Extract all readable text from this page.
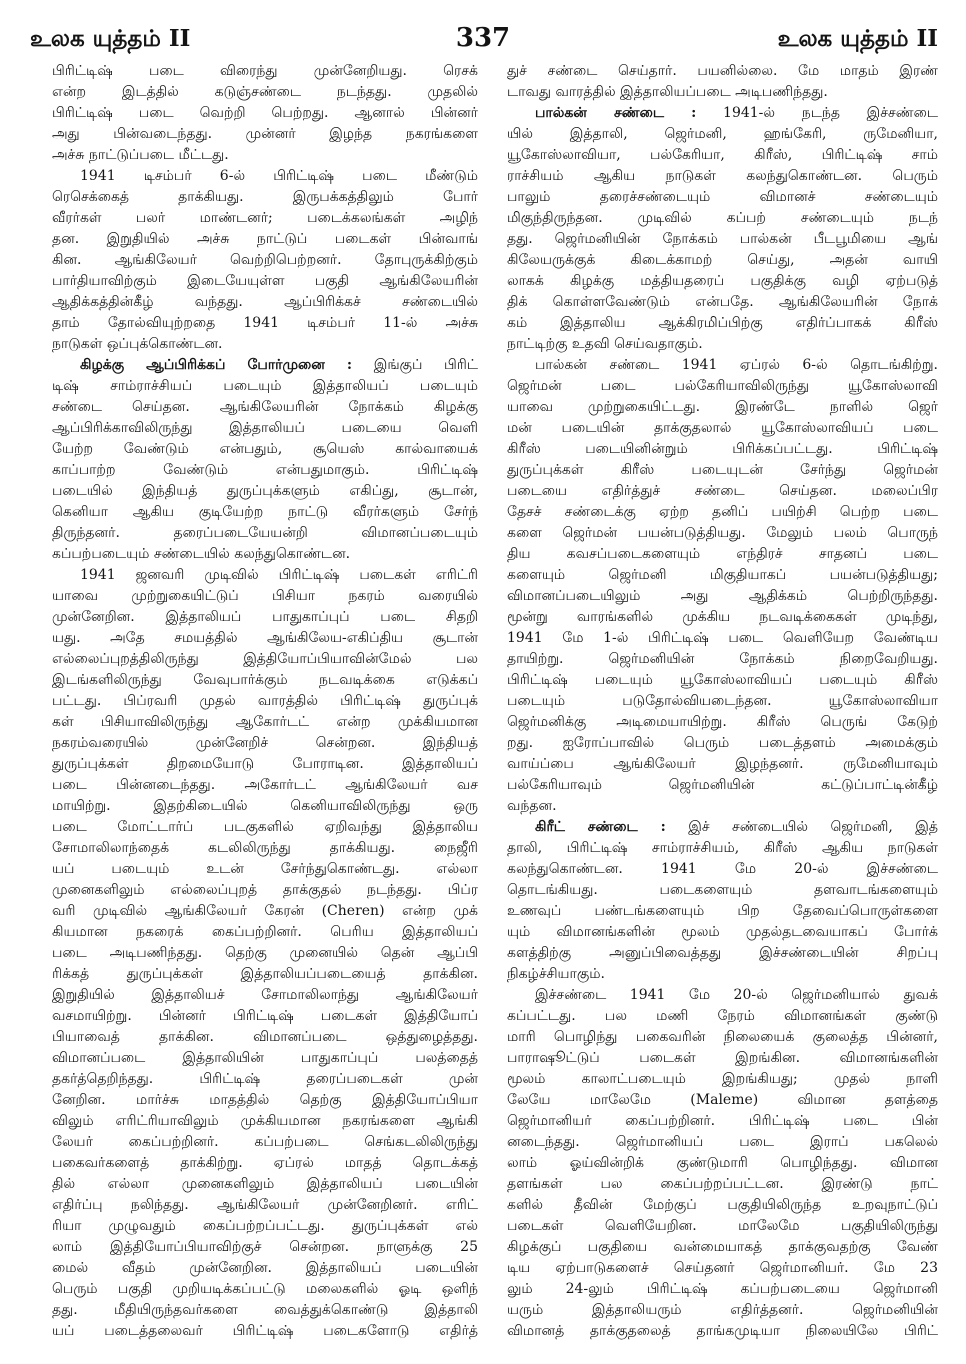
உலக யுத்தம் II	337	உலக யுத்தம் II
பிரிட்டிஷ் படை விரைந்து முன்னேறியது. ரெசக்
என்ற இடத்தில் கடுஞ்சண்டை நடந்தது. முதலில்
பிரிட்டிஷ் படை வெற்றி பெற்றது. ஆனால் பின்னர்
அது பின்வடைந்தது. முன்னர் இழந்த நகரங்களை
அச்சு நாட்டுப்படை மீட்டது.
1941 டிசம்பர் 6-ல் பிரிட்டிஷ் படை மீண்டும்
ரெசெக்கைத் தாக்கியது. இருபக்கத்திலும் போர்
வீரர்கள் பலர் மாண்டனர்; படைக்கலங்கள் அழிந்
தன. இறுதியில் அச்சு நாட்டுப் படைகள் பின்வாங்
கின. ஆங்கிலேயர் வெற்றிபெற்றனர். தோபுருக்கிற்கும்
பார்தியாவிற்கும் இடையேயுள்ள பகுதி ஆங்கிலேயரின்
ஆதிக்கத்தின்கீழ் வந்தது. ஆப்பிரிக்கச் சண்டையில்
தாம் தோல்வியுற்றதை 1941 டிசம்பர் 11-ல் அச்சு
நாடுகள் ஒப்புக்கொண்டன.
கிழக்கு ஆப்பிரிக்கப் போர்முனை : இங்குப் பிரிட்
டிஷ் சாம்ராச்சியப் படையும் இத்தாலியப் படையும்
சண்டை செய்தன. ஆங்கிலேயரின் நோக்கம் கிழக்கு
ஆப்பிரிக்காவிலிருந்து இத்தாலியப் படையை வெளி
யேற்ற வேண்டும் என்பதும், சூயெஸ் கால்வாயைக்
காப்பாற்ற வேண்டும் என்பதுமாகும். பிரிட்டிஷ்
படையில் இந்தியத் துருப்புக்களும் எகிப்து, சூடான்,
கெனியா ஆகிய குடியேற்ற நாட்டு வீரர்களும் சேர்ந்
திருந்தனர். தரைப்படையேயன்றி விமானப்படையும்
கப்பற்படையும் சண்டையில் கலந்துகொண்டன.
1941 ஜனவரி முடிவில் பிரிட்டிஷ் படைகள் எரிட்ரி
யாவை முற்றுகையிட்டுப் பிசியா நகரம் வரையில்
முன்னேறின. இத்தாலியப் பாதுகாப்புப் படை சிதறி
யது. அதே சமயத்தில் ஆங்கிலேய-எகிப்திய சூடான்
எல்லைப்புறத்திலிருந்து இத்தியோப்பியாவின்மேல் பல
இடங்களிலிருந்து வேவுபார்க்கும் நடவடிக்கை எடுக்கப்
பட்டது. பிப்ரவரி முதல் வாரத்தில் பிரிட்டிஷ் துருப்புக்
கள் பிசியாவிலிருந்து ஆகோர்டட் என்ற முக்கியமான
நகரம்வரையில் முன்னேறிச் சென்றன. இந்தியத்
துருப்புக்கள் திறமையோடு போராடின. இத்தாலியப்
படை பின்னடைந்தது. அகோர்டட் ஆங்கிலேயர் வச
மாயிற்று. இதற்கிடையில் கெனியாவிலிருந்து ஒரு
படை மோட்டார்ப் படகுகளில் ஏறிவந்து இத்தாலிய
சோமாலிலாந்தைக் கடலிலிருந்து தாக்கியது. நைஜீரி
யப் படையும் உடன் சேர்ந்துகொண்டது. எல்லா
முனைகளிலும் எல்லைப்புறத் தாக்குதல் நடந்தது. பிப்ர
வரி முடிவில் ஆங்கிலேயர் கேரன் (Cheren) என்ற முக்
கியமான நகரைக் கைப்பற்றினர். பெரிய இத்தாலியப்
படை அடிபணிந்தது. தெற்கு முனையில் தென் ஆப்பி
ரிக்கத் துருப்புக்கள் இத்தாலியப்படையைத் தாக்கின.
இறுதியில் இத்தாலியச் சோமாலிலாந்து ஆங்கிலேயர்
வசமாயிற்று. பின்னர் பிரிட்டிஷ் படைகள் இத்தியோப்
பியாவைத் தாக்கின. விமானப்படை ஒத்துழைத்தது.
விமானப்படை இத்தாலியின் பாதுகாப்புப் பலத்தைத்
தகர்த்தெறிந்தது. பிரிட்டிஷ் தரைப்படைகள் முன்
னேறின. மார்ச்சு மாதத்தில் தெற்கு இத்தியோப்பியா
விலும் எரிட்ரியாவிலும் முக்கியமான நகரங்களை ஆங்கி
லேயர் கைப்பற்றினர். கப்பற்படை செங்கடலிலிருந்து
பகைவர்களைத் தாக்கிற்று. ஏப்ரல் மாதத் தொடக்கத்
தில் எல்லா முனைகளிலும் இத்தாலியப் படையின்
எதிர்ப்பு நலிந்தது. ஆங்கிலேயர் முன்னேறினர். எரிட்
ரியா முழுவதும் கைப்பற்றப்பட்டது. துருப்புக்கள் எல்
லாம் இத்தியோப்பியாவிற்குச் சென்றன. நாளுக்கு 25
மைல் வீதம் முன்னேறின. இத்தாலியப் படையின்
பெரும் பகுதி முறியடிக்கப்பட்டு மலைகளில் ஓடி ஒளிந்
தது. மீதியிருந்தவர்களை வைத்துக்கொண்டு இத்தாலி
யப் படைத்தலைவர் பிரிட்டிஷ் படைகளோடு எதிர்த்
துச் சண்டை செய்தார். பயனில்லை. மே மாதம் இரண்
டாவது வாரத்தில் இத்தாலியப்படை அடிபணிந்தது.
பால்கன் சண்டை : 1941-ல் நடந்த இச்சண்டை
யில் இத்தாலி, ஜெர்மனி, ஹங்கேரி, ருமேனியா,
யூகோஸ்லாவியா, பல்கேரியா, கிரீஸ், பிரிட்டிஷ் சாம்
ராச்சியம் ஆகிய நாடுகள் கலந்துகொண்டன. பெரும்
பாலும் தரைச்சண்டையும் விமானச் சண்டையும்
மிகுந்திருந்தன. முடிவில் கப்பற் சண்டையும் நடந்
தது. ஜெர்மனியின் நோக்கம் பால்கன் பீடபூமியை ஆங்
கிலேயருக்குக் கிடைக்காமற் செய்து, அதன் வாயி
லாகக் கிழக்கு மத்தியதரைப் பகுதிக்கு வழி ஏற்படுத்
திக் கொள்ளவேண்டும் என்பதே. ஆங்கிலேயரின் நோக்
கம் இத்தாலிய ஆக்கிரமிப்பிற்கு எதிர்ப்பாகக் கிரீஸ்
நாட்டிற்கு உதவி செய்வதாகும்.
பால்கன் சண்டை 1941 ஏப்ரல் 6-ல் தொடங்கிற்று.
ஜெர்மன் படை பல்கேரியாவிலிருந்து யூகோஸ்லாவி
யாவை முற்றுகையிட்டது. இரண்டே நாளில் ஜெர்
மன் படையின் தாக்குதலால் யூகோஸ்லாவியப் படை
கிரீஸ் படையினின்றும் பிரிக்கப்பட்டது. பிரிட்டிஷ்
துருப்புக்கள் கிரீஸ் படையுடன் சேர்ந்து ஜெர்மன்
படையை எதிர்த்துச் சண்டை செய்தன. மலைப்பிர
தேசச் சண்டைக்கு ஏற்ற தனிப் பயிற்சி பெற்ற படை
களை ஜெர்மன் பயன்படுத்தியது. மேலும் பலம் பொருந்
திய கவசப்படைகளையும் எந்திரச் சாதனப் படை
களையும் ஜெர்மனி மிகுதியாகப் பயன்படுத்தியது;
விமானப்படையிலும் அது ஆதிக்கம் பெற்றிருந்தது.
மூன்று வாரங்களில் முக்கிய நடவடிக்கைகள் முடிந்து,
1941 மே 1-ல் பிரிட்டிஷ் படை வெளியேற வேண்டிய
தாயிற்று. ஜெர்மனியின் நோக்கம் நிறைவேறியது.
பிரிட்டிஷ் படையும் யூகோஸ்லாவியப் படையும் கிரீஸ்
படையும் படுதோல்வியடைந்தன. யூகோஸ்லாவியா
ஜெர்மனிக்கு அடிமையாயிற்று. கிரீஸ் பெருங் கேடுற்
றது. ஐரோப்பாவில் பெரும் படைத்தளம் அமைக்கும்
வாய்ப்பை ஆங்கிலேயர் இழந்தனர். ருமேனியாவும்
பல்கேரியாவும் ஜெர்மனியின் கட்டுப்பாட்டின்கீழ்
வந்தன.
கிரீட் சண்டை : இச் சண்டையில் ஜெர்மனி, இத்
தாலி, பிரிட்டிஷ் சாம்ராச்சியம், கிரீஸ் ஆகிய நாடுகள்
கலந்துகொண்டன. 1941 மே 20-ல் இச்சண்டை
தொடங்கியது. படைகளையும் தளவாடங்களையும்
உணவுப் பண்டங்களையும் பிற தேவைப்பொருள்களை
யும் விமானங்களின் மூலம் முதல்தடவையாகப் போர்க்
களத்திற்கு அனுப்பிவைத்தது இச்சண்டையின் சிறப்பு
நிகழ்ச்சியாகும்.
இச்சண்டை 1941 மே 20-ல் ஜெர்மனியால் துவக்
கப்பட்டது. பல மணி நேரம் விமானங்கள் குண்டு
மாரி பொழிந்து பகைவரின் நிலையைக் குலைத்த பின்னர்,
பாராஷூட்டுப் படைகள் இறங்கின. விமானங்களின்
மூலம் காலாட்படையும் இறங்கியது; முதல் நாளி
லேயே மாலேமே (Maleme) விமான தளத்தை
ஜெர்மானியர் கைப்பற்றினர். பிரிட்டிஷ் படை பின்
னடைந்தது. ஜெர்மானியப் படை இராப் பகலெல்
லாம் ஓய்வின்றிக் குண்டுமாரி பொழிந்தது. விமான
தளங்கள் பல கைப்பற்றப்பட்டன. இரண்டு நாட்
களில் தீவின் மேற்குப் பகுதியிலிருந்த உறவுநாட்டுப்
படைகள் வெளியேறின. மாலேமே பகுதியிலிருந்து
கிழக்குப் பகுதியை வன்மையாகத் தாக்குவதற்கு வேண்
டிய ஏற்பாடுகளைச் செய்தனர் ஜெர்மானியர். மே 23
லும் 24-லும் பிரிட்டிஷ் கப்பற்படையை ஜெர்மானி
யரும் இத்தாலியரும் எதிர்த்தனர். ஜெர்மனியின்
விமானத் தாக்குதலைத் தாங்கமுடியா நிலையிலே பிரிட்
